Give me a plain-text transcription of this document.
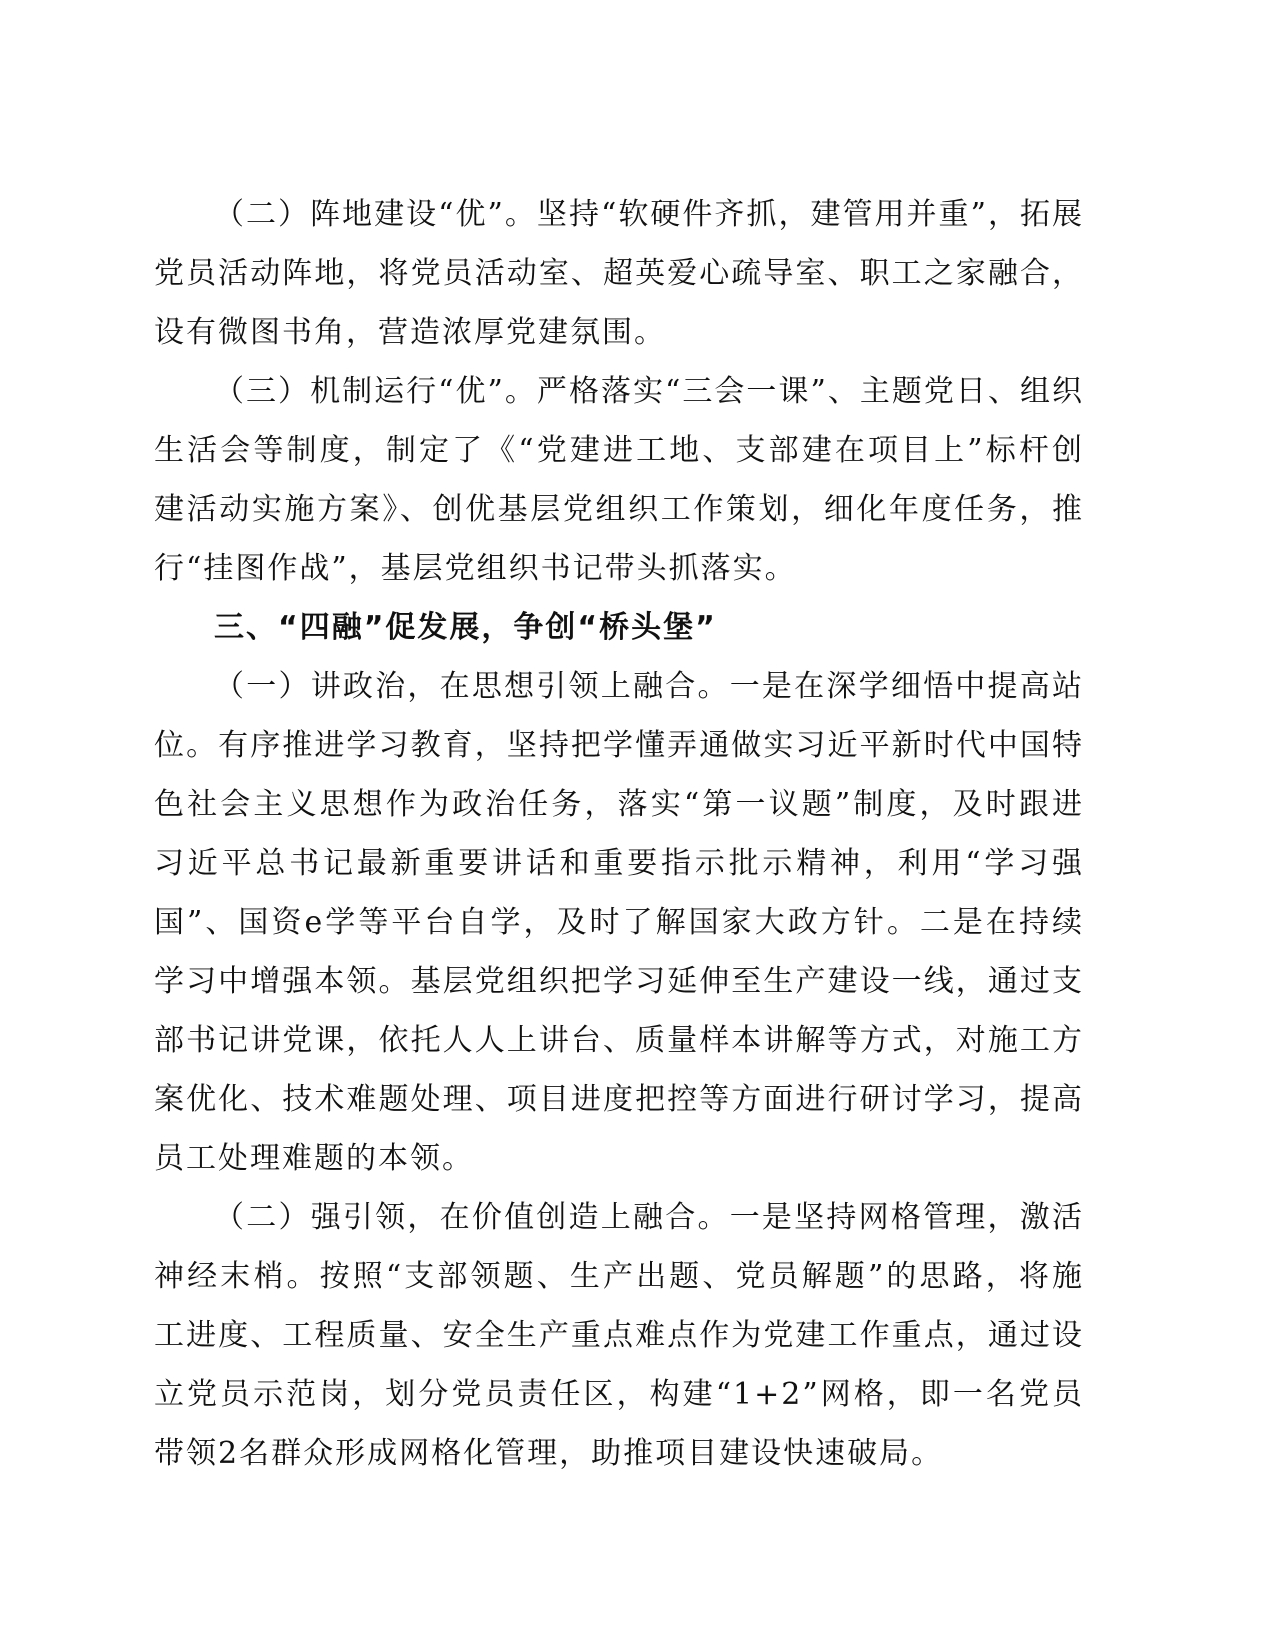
（二）阵地建设“优”。坚持“软硬件齐抓，建管用并重”，拓展党员活动阵地，将党员活动室、超英爱心疏导室、职工之家融合，设有微图书角，营造浓厚党建氛围。

（三）机制运行“优”。严格落实“三会一课”、主题党日、组织生活会等制度，制定了《“党建进工地、支部建在项目上”标杆创建活动实施方案》、创优基层党组织工作策划，细化年度任务，推行“挂图作战”，基层党组织书记带头抓落实。

三、“四融”促发展，争创“桥头堡”

（一）讲政治，在思想引领上融合。一是在深学细悟中提高站位。有序推进学习教育，坚持把学懂弄通做实习近平新时代中国特色社会主义思想作为政治任务，落实“第一议题”制度，及时跟进习近平总书记最新重要讲话和重要指示批示精神，利用“学习强国”、国资e学等平台自学，及时了解国家大政方针。二是在持续学习中增强本领。基层党组织把学习延伸至生产建设一线，通过支部书记讲党课，依托人人上讲台、质量样本讲解等方式，对施工方案优化、技术难题处理、项目进度把控等方面进行研讨学习，提高员工处理难题的本领。

（二）强引领，在价值创造上融合。一是坚持网格管理，激活神经末梢。按照“支部领题、生产出题、党员解题”的思路，将施工进度、工程质量、安全生产重点难点作为党建工作重点，通过设立党员示范岗，划分党员责任区，构建“1+2”网格，即一名党员带领2名群众形成网格化管理，助推项目建设快速破局。
